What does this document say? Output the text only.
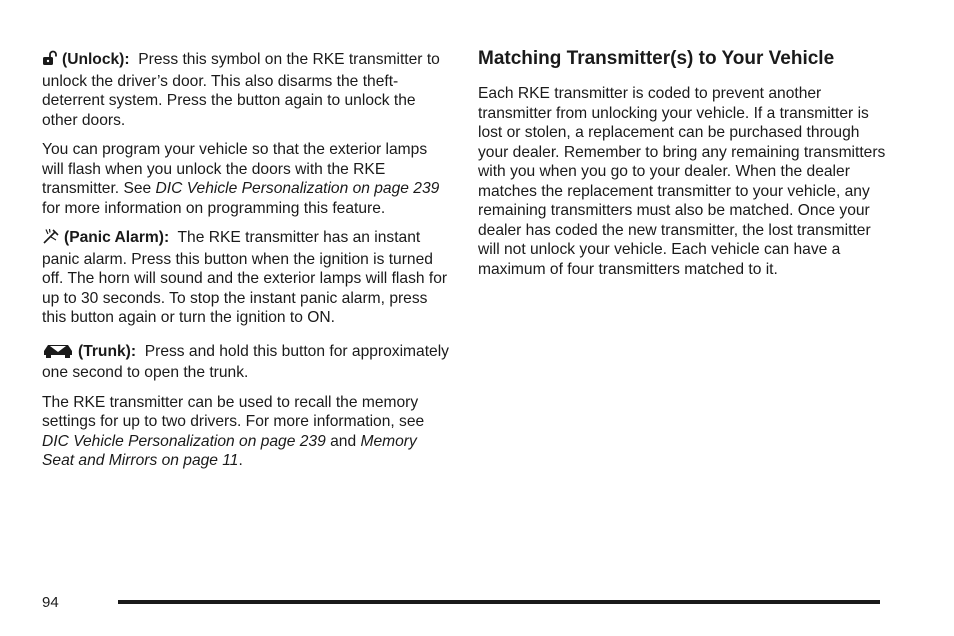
(Unlock): Press this symbol on the RKE transmitter to unlock the driver’s door. This also disarms the theft-deterrent system. Press the button again to unlock the other doors.

You can program your vehicle so that the exterior lamps will flash when you unlock the doors with the RKE transmitter. See DIC Vehicle Personalization on page 239 for more information on programming this feature.

(Panic Alarm): The RKE transmitter has an instant panic alarm. Press this button when the ignition is turned off. The horn will sound and the exterior lamps will flash for up to 30 seconds. To stop the instant panic alarm, press this button again or turn the ignition to ON.

(Trunk): Press and hold this button for approximately one second to open the trunk.

The RKE transmitter can be used to recall the memory settings for up to two drivers. For more information, see DIC Vehicle Personalization on page 239 and Memory Seat and Mirrors on page 11.

Matching Transmitter(s) to Your Vehicle

Each RKE transmitter is coded to prevent another transmitter from unlocking your vehicle. If a transmitter is lost or stolen, a replacement can be purchased through your dealer. Remember to bring any remaining transmitters with you when you go to your dealer. When the dealer matches the replacement transmitter to your vehicle, any remaining transmitters must also be matched. Once your dealer has coded the new transmitter, the lost transmitter will not unlock your vehicle. Each vehicle can have a maximum of four transmitters matched to it.

94
